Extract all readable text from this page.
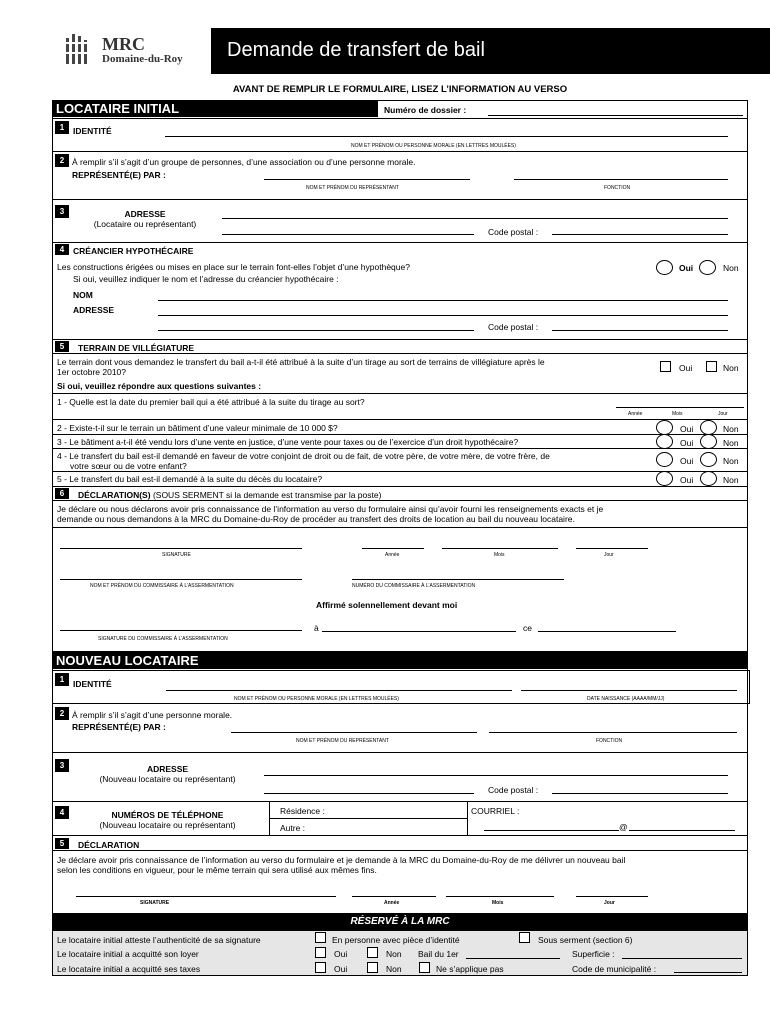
MRC
Domaine-du-Roy Demande de transfert de bail
AVANT DE REMPLIR LE FORMULAIRE, LISEZ L’INFORMATION AU VERSO
LOCATAIRE INITIAL	Numéro de dossier :
1	IDENTITÉ
NOM ET PRÉNOM OU PERSONNE MORALE (EN LETTRES MOULÉES)
2 À remplir s’il s’agit d’un groupe de personnes, d’une association ou d’une personne morale.
REPRÉSENTÉ(E) PAR :
NOM ET PRÉNOM DU REPRÉSENTANT	FONCTION
3	ADRESSE
(Locataire ou représentant)
Code postal :
4	CRÉANCIER HYPOTHÉCAIRE
Les constructions érigées ou mises en place sur le terrain font-elles l’objet d’une hypothèque?
Si oui, veuillez indiquer le nom et l’adresse du créancier hypothécaire :
Oui	Non
NOM
ADRESSE
Code postal :
5	TERRAIN DE VILLÉGIATURE
Le terrain dont vous demandez le transfert du bail a-t-il été attribué à la suite d’un tirage au sort de terrains de villégiature après le
1er octobre 2010?	Oui	Non
Si oui, veuillez répondre aux questions suivantes :
1 - Quelle est la date du premier bail qui a été attribué à la suite du tirage au sort?
Année	Mois	Jour
2 - Existe-t-il sur le terrain un bâtiment d’une valeur minimale de 10 000 $?	Oui	Non
3 - Le bâtiment a-t-il été vendu lors d’une vente en justice, d’une vente pour taxes ou de l’exercice d’un droit hypothécaire?	Oui	Non
4 - Le transfert du bail est-il demandé en faveur de votre conjoint de droit ou de fait, de votre père, de votre mère, de votre frère, de
votre sœur ou de votre enfant?	Oui	Non
5 - Le transfert du bail est-il demandé à la suite du décès du locataire?	Oui	Non
6	DÉCLARATION(S) (SOUS SERMENT si la demande est transmise par la poste)
Je déclare ou nous déclarons avoir pris connaissance de l’information au verso du formulaire ainsi qu’avoir fourni les renseignements exacts et je
demande ou nous demandons à la MRC du Domaine-du-Roy de procéder au transfert des droits de location au bail du nouveau locataire.
SIGNATURE	Année	Mois	Jour
NOM ET PRÉNOM DU COMMISSAIRE À L’ASSERMENTATION	NUMÉRO DU COMMISSAIRE À L’ASSERMENTATION
Affirmé solennellement devant moi
SIGNATURE DU COMMISSAIRE À L’ASSERMENTATION
à	ce
NOUVEAU LOCATAIRE
1	IDENTITÉ
NOM ET PRÉNOM OU PERSONNE MORALE (EN LETTRES MOULÉES)	DATE NAISSANCE (AAAA/MM/JJ)
2 À remplir s’il s’agit d’une personne morale.
REPRÉSENTÉ(E) PAR :
NOM ET PRÉNOM DU REPRÉSENTANT	FONCTION
3	ADRESSE
(Nouveau locataire ou représentant)
Code postal :
4	NUMÉROS DE TÉLÉPHONE
(Nouveau locataire ou représentant)
Résidence :
Autre :
COURRIEL :
@
5	DÉCLARATION
Je déclare avoir pris connaissance de l’information au verso du formulaire et je demande à la MRC du Domaine-du-Roy de me délivrer un nouveau bail
selon les conditions en vigueur, pour le même terrain qui sera utilisé aux mêmes fins.
SIGNATURE	Année	Mois	Jour
RÉSERVÉ À LA MRC
Le locataire initial atteste l’authenticité de sa signature	En personne avec pièce d’identité	Sous serment (section 6)
Le locataire initial a acquitté son loyer	Oui	Non Bail du 1er	Superficie :
Le locataire initial a acquitté ses taxes	Oui	Non	Ne s’applique pas	Code de municipalité :
